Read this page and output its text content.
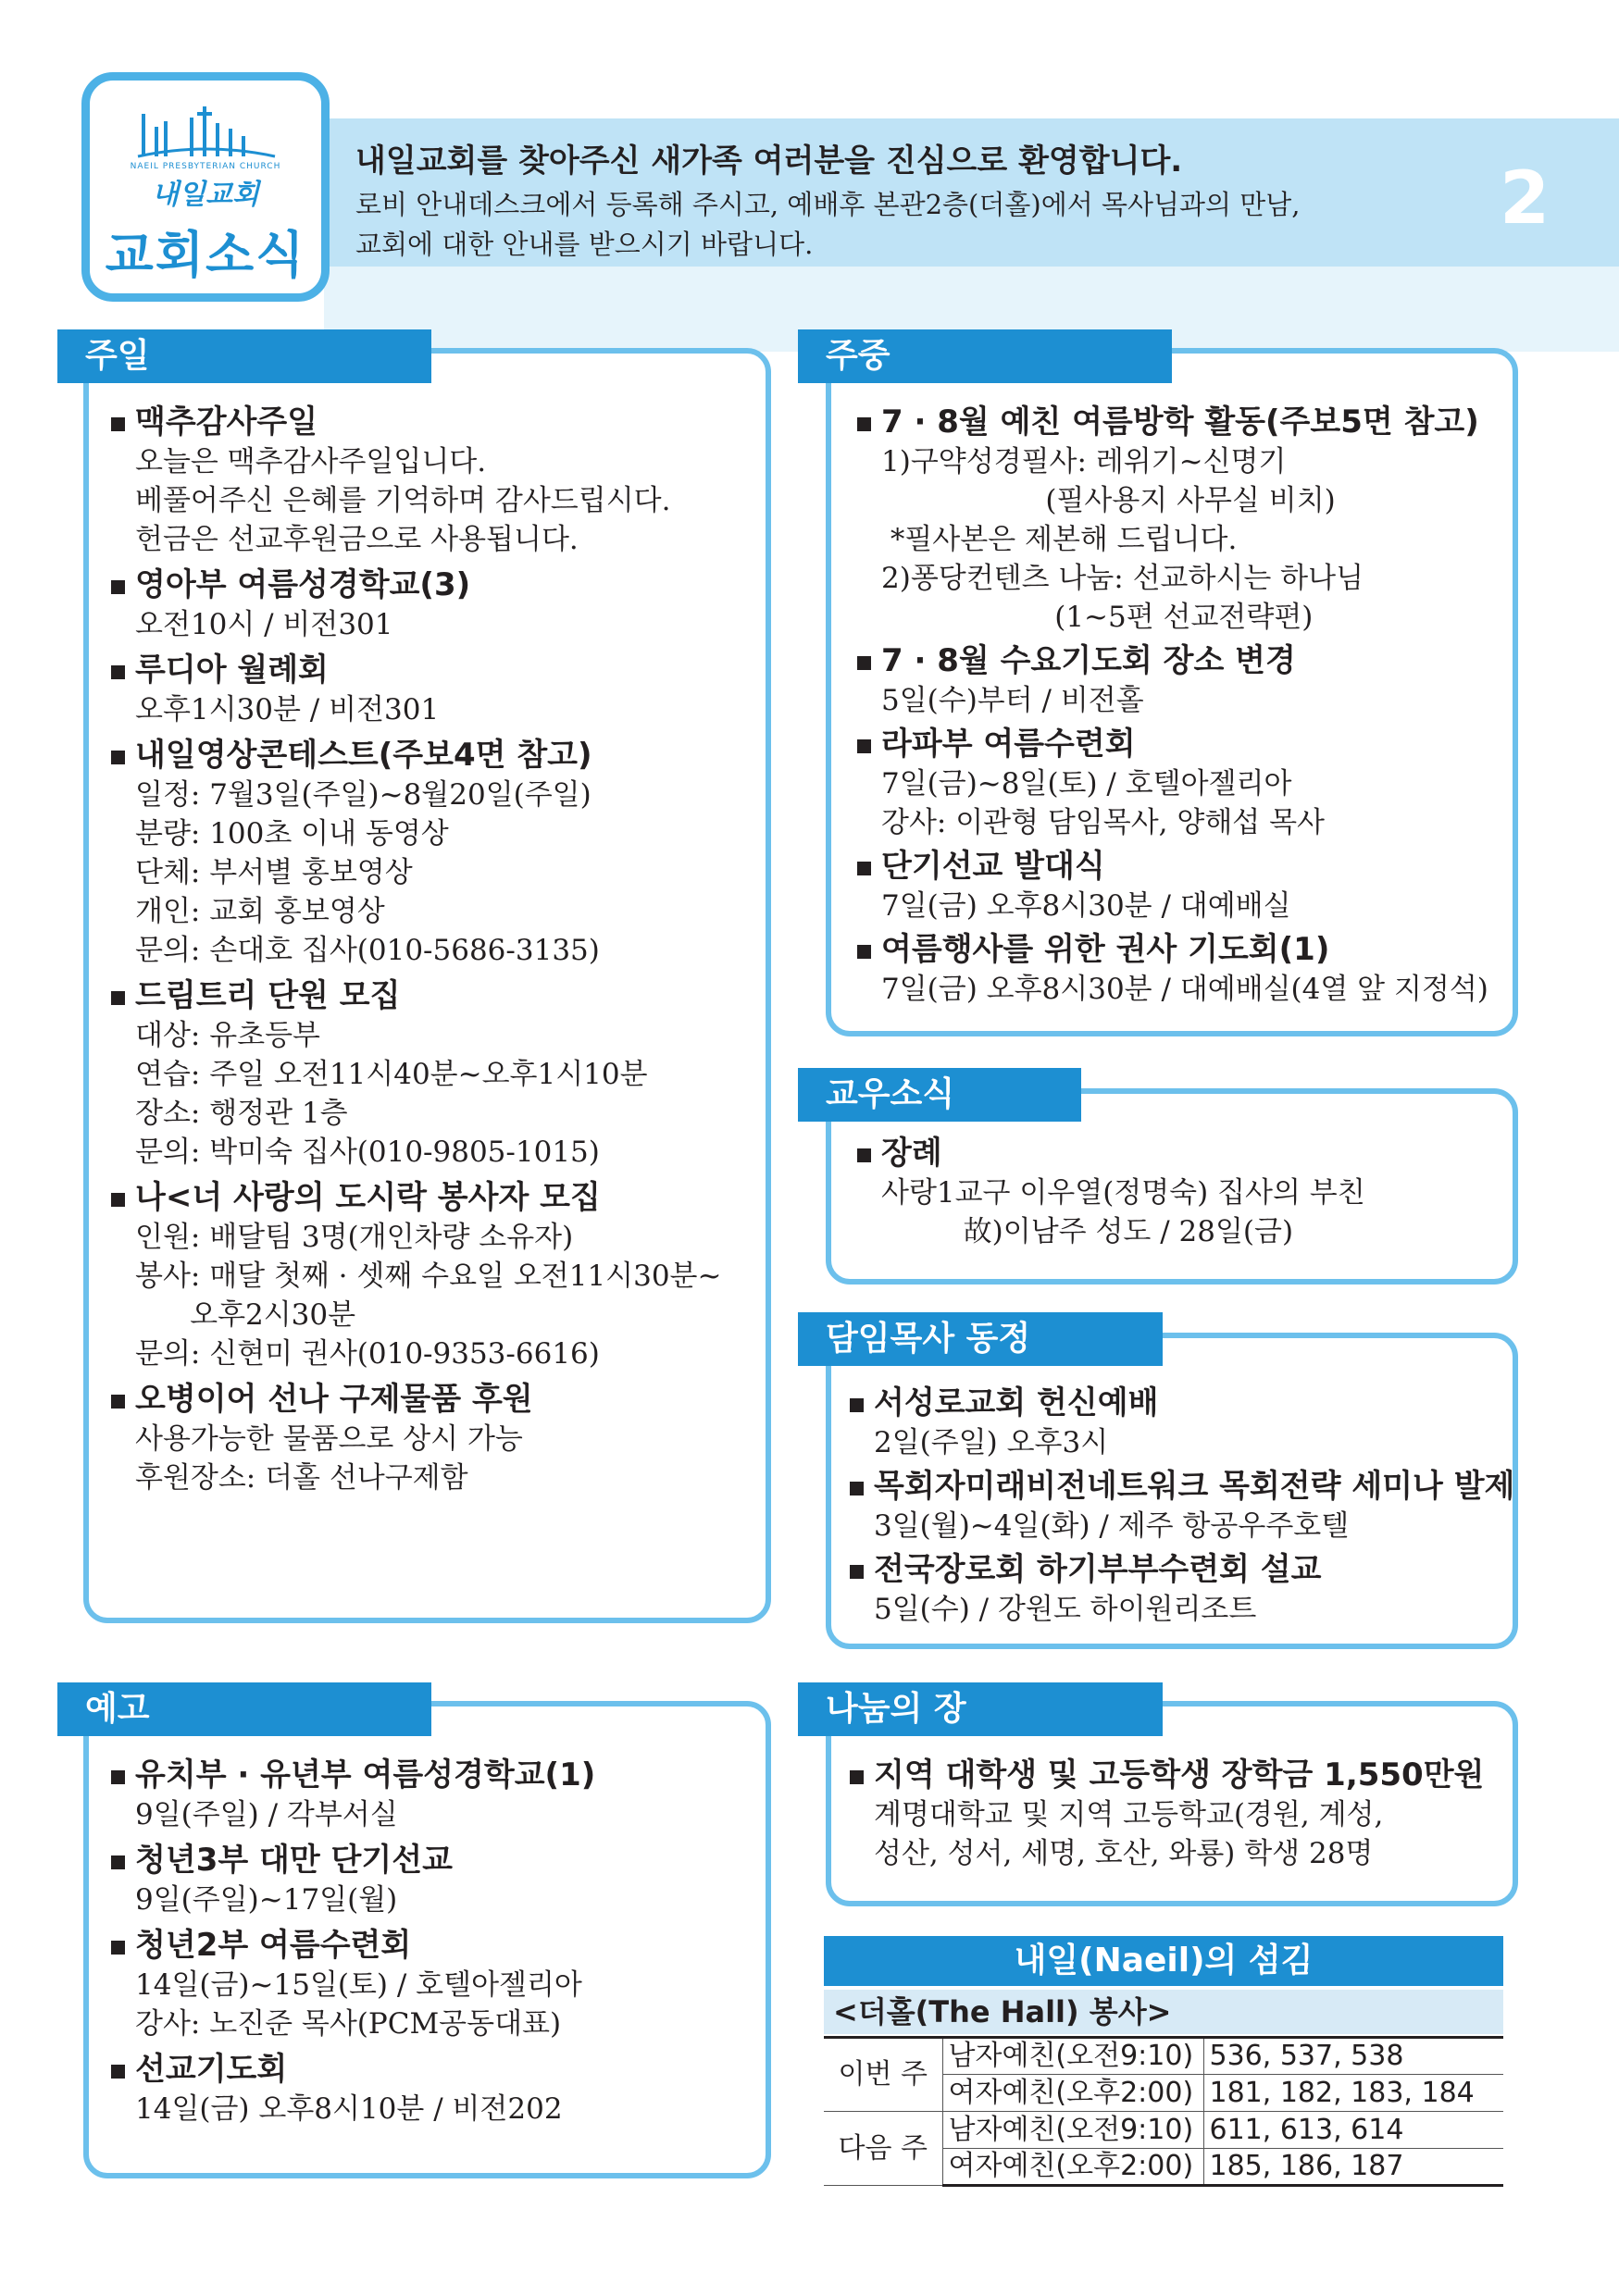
NAEIL PRESBYTERIAN CHURCH
내일교회
교회소식
내일교회를 찾아주신 새가족 여러분을 진심으로 환영합니다.
로비 안내데스크에서 등록해 주시고, 예배후 본관2층(더홀)에서 목사님과의 만남,
교회에 대한 안내를 받으시기 바랍니다.
2
주일
맥추감사주일
오늘은 맥추감사주일입니다.
베풀어주신 은혜를 기억하며 감사드립시다.
헌금은 선교후원금으로 사용됩니다.
영아부 여름성경학교(3)
오전10시 / 비전301
루디아 월례회
오후1시30분 / 비전301
내일영상콘테스트(주보4면 참고)
일정: 7월3일(주일)~8월20일(주일)
분량: 100초 이내 동영상
단체: 부서별 홍보영상
개인: 교회 홍보영상
문의: 손대호 집사(010-5686-3135)
드림트리 단원 모집
대상: 유초등부
연습: 주일 오전11시40분~오후1시10분
장소: 행정관 1층
문의: 박미숙 집사(010-9805-1015)
나<너 사랑의 도시락 봉사자 모집
인원: 배달팀 3명(개인차량 소유자)
봉사: 매달 첫째 · 셋째 수요일 오전11시30분~
오후2시30분
문의: 신현미 권사(010-9353-6616)
오병이어 선나 구제물품 후원
사용가능한 물품으로 상시 가능
후원장소: 더홀 선나구제함
주중
7 · 8월 예친 여름방학 활동(주보5면 참고)
1)구약성경필사: 레위기~신명기
(필사용지 사무실 비치)
*필사본은 제본해 드립니다.
2)퐁당컨텐츠 나눔: 선교하시는 하나님
(1~5편 선교전략편)
7 · 8월 수요기도회 장소 변경
5일(수)부터 / 비전홀
라파부 여름수련회
7일(금)~8일(토) / 호텔아젤리아
강사: 이관형 담임목사, 양해섭 목사
단기선교 발대식
7일(금) 오후8시30분 / 대예배실
여름행사를 위한 권사 기도회(1)
7일(금) 오후8시30분 / 대예배실(4열 앞 지정석)
교우소식
장례
사랑1교구 이우열(정명숙) 집사의 부친
故)이남주 성도 / 28일(금)
담임목사 동정
서성로교회 헌신예배
2일(주일) 오후3시
목회자미래비전네트워크 목회전략 세미나 발제
3일(월)~4일(화) / 제주 항공우주호텔
전국장로회 하기부부수련회 설교
5일(수) / 강원도 하이원리조트
예고
유치부 · 유년부 여름성경학교(1)
9일(주일) / 각부서실
청년3부 대만 단기선교
9일(주일)~17일(월)
청년2부 여름수련회
14일(금)~15일(토) / 호텔아젤리아
강사: 노진준 목사(PCM공동대표)
선교기도회
14일(금) 오후8시10분 / 비전202
나눔의 장
지역 대학생 및 고등학생 장학금 1,550만원
계명대학교 및 지역 고등학교(경원, 계성,
성산, 성서, 세명, 호산, 와룡) 학생 28명
내일(Naeil)의 섬김
<더홀(The Hall) 봉사>
이번 주	남자예친(오전9:10)	536, 537, 538
	여자예친(오후2:00)	181, 182, 183, 184
다음 주	남자예친(오전9:10)	611, 613, 614
	여자예친(오후2:00)	185, 186, 187
